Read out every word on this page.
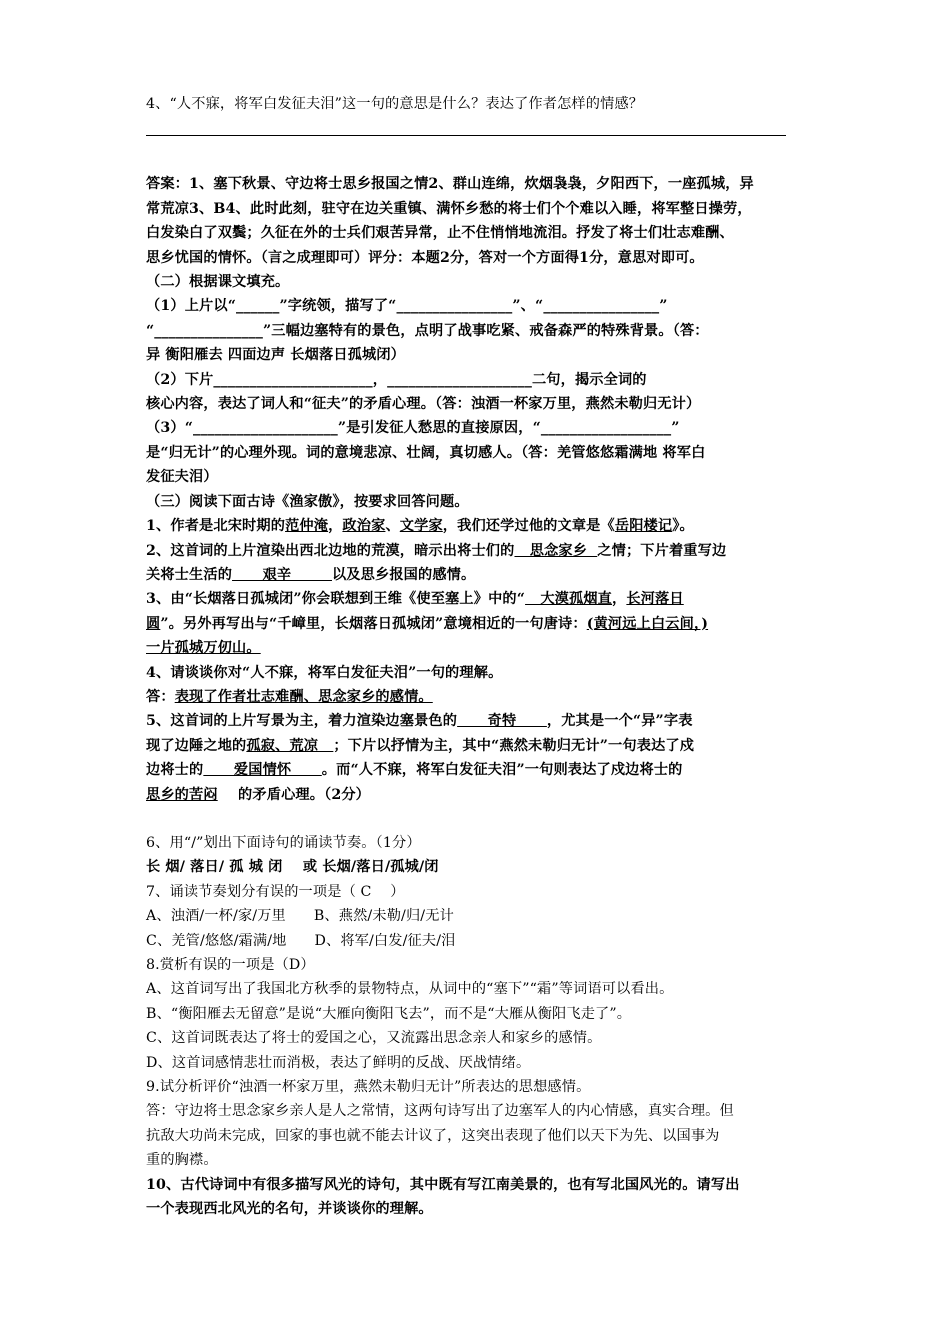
4、“人不寐，将军白发征夫泪”这一句的意思是什么？表达了作者怎样的情感？
答案：1、塞下秋景、守边将士思乡报国之情2、群山连绵，炊烟袅袅，夕阳西下，一座孤城，异
常荒凉3、B4、此时此刻，驻守在边关重镇、满怀乡愁的将士们个个难以入睡，将军整日操劳，
白发染白了双鬓；久征在外的士兵们艰苦异常，止不住悄悄地流泪。抒发了将士们壮志难酬、
思乡忧国的情怀。（言之成理即可）评分：本题2分，答对一个方面得1分，意思对即可。
（二）根据课文填充。
（1）上片以“______”字统领，描写了“________________”、“________________”
“_______________”三幅边塞特有的景色，点明了战事吃紧、戒备森严的特殊背景。（答：
异 衡阳雁去 四面边声 长烟落日孤城闭）
（2）下片______________________，____________________二句，揭示全词的
核心内容，表达了词人和“征夫”的矛盾心理。（答：浊酒一杯家万里，燕然未勒归无计）
（3）“____________________”是引发征人愁思的直接原因，“__________________”
是“归无计”的心理外现。词的意境悲凉、壮阔，真切感人。（答：羌管悠悠霜满地 将军白
发征夫泪）
（三）阅读下面古诗《渔家傲》，按要求回答问题。
1、作者是北宋时期的范仲淹，政治家、文学家，我们还学过他的文章是《岳阳楼记》。
2、这首词的上片渲染出西北边地的荒漠，暗示出将士们的   思念家乡  之情；下片着重写边
关将士生活的      艰辛        以及思乡报国的感情。
3、由“长烟落日孤城闭”你会联想到王维《使至塞上》中的“   大漠孤烟直，长河落日
圆”。另外再写出与“千嶂里，长烟落日孤城闭”意境相近的一句唐诗：(黄河远上白云间，)
一片孤城万仞山。
4、请谈谈你对“人不寐，将军白发征夫泪”一句的理解。
答：表现了作者壮志难酬、思念家乡的感情。
5、这首词的上片写景为主，着力渲染边塞景色的      奇特      ，尤其是一个“异”字表
现了边陲之地的孤寂、荒凉   ；下片以抒情为主，其中“燕然未勒归无计”一句表达了戍
边将士的      爱国情怀      。而“人不寐，将军白发征夫泪”一句则表达了戍边将士的
思乡的苦闷    的矛盾心理。（2分）
6、用“/”划出下面诗句的诵读节奏。（1分）
长 烟/ 落日/ 孤 城 闭    或 长烟/落日/孤城/闭
7、诵读节奏划分有误的一项是（ C    ）
A、浊酒/一杯/家/万里      B、燕然/未勒/归/无计
C、羌管/悠悠/霜满/地      D、将军/白发/征夫/泪
8.赏析有误的一项是（D）
A、这首词写出了我国北方秋季的景物特点，从词中的“塞下”“霜”等词语可以看出。
B、“衡阳雁去无留意”是说“大雁向衡阳飞去”，而不是“大雁从衡阳飞走了”。
C、这首词既表达了将士的爱国之心，又流露出思念亲人和家乡的感情。
D、这首词感情悲壮而消极，表达了鲜明的反战、厌战情绪。
9.试分析评价“浊酒一杯家万里，燕然未勒归无计”所表达的思想感情。
答：守边将士思念家乡亲人是人之常情，这两句诗写出了边塞军人的内心情感，真实合理。但
抗敌大功尚未完成，回家的事也就不能去计议了，这突出表现了他们以天下为先、以国事为
重的胸襟。
10、古代诗词中有很多描写风光的诗句，其中既有写江南美景的，也有写北国风光的。请写出
一个表现西北风光的名句，并谈谈你的理解。
